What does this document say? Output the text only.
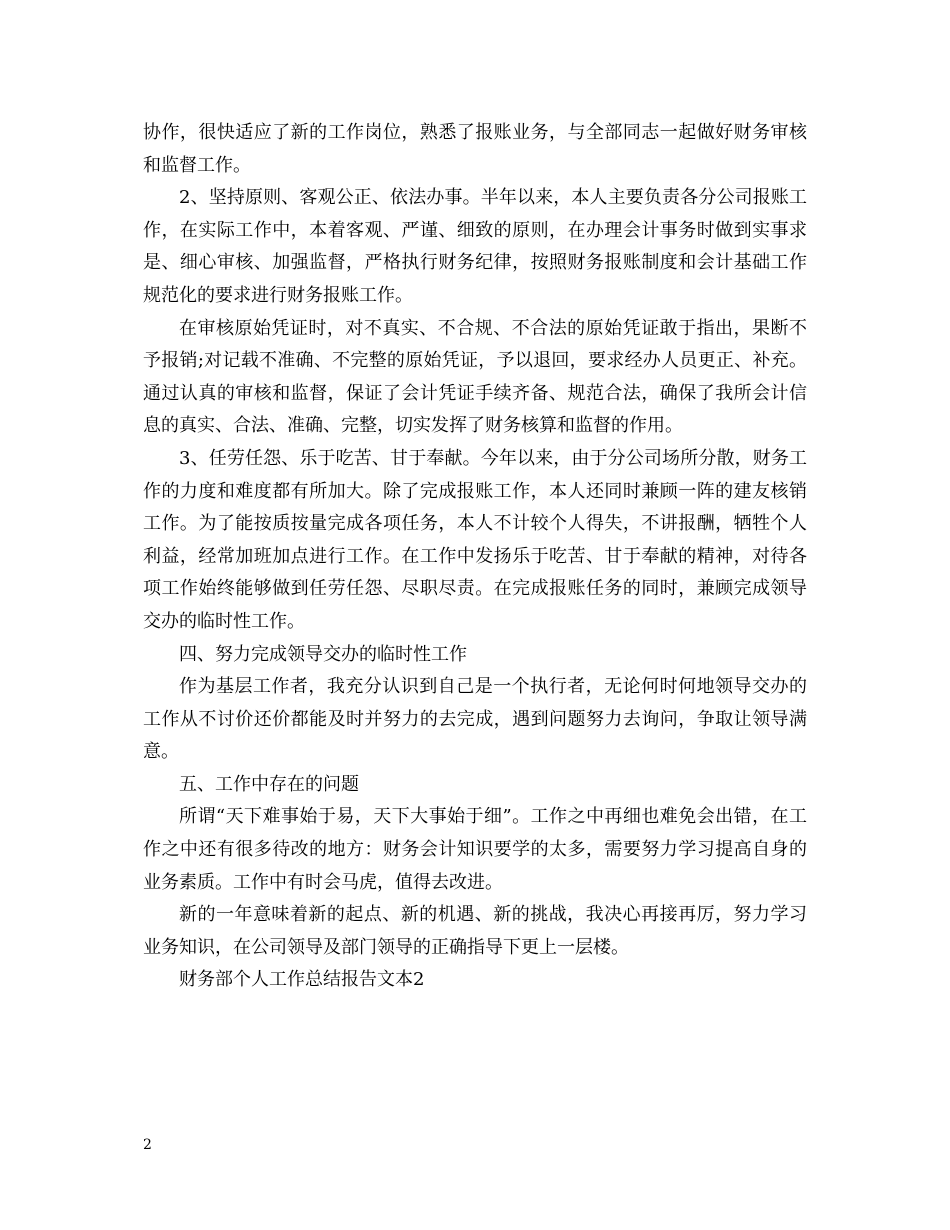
协作，很快适应了新的工作岗位，熟悉了报账业务，与全部同志一起做好财务审核和监督工作。

2、坚持原则、客观公正、依法办事。半年以来，本人主要负责各分公司报账工作，在实际工作中，本着客观、严谨、细致的原则，在办理会计事务时做到实事求是、细心审核、加强监督，严格执行财务纪律，按照财务报账制度和会计基础工作规范化的要求进行财务报账工作。

在审核原始凭证时，对不真实、不合规、不合法的原始凭证敢于指出，果断不予报销;对记载不准确、不完整的原始凭证，予以退回，要求经办人员更正、补充。通过认真的审核和监督，保证了会计凭证手续齐备、规范合法，确保了我所会计信息的真实、合法、准确、完整，切实发挥了财务核算和监督的作用。

3、任劳任怨、乐于吃苦、甘于奉献。今年以来，由于分公司场所分散，财务工作的力度和难度都有所加大。除了完成报账工作，本人还同时兼顾一阵的建友核销工作。为了能按质按量完成各项任务，本人不计较个人得失，不讲报酬，牺牲个人利益，经常加班加点进行工作。在工作中发扬乐于吃苦、甘于奉献的精神，对待各项工作始终能够做到任劳任怨、尽职尽责。在完成报账任务的同时，兼顾完成领导交办的临时性工作。

四、努力完成领导交办的临时性工作

作为基层工作者，我充分认识到自己是一个执行者，无论何时何地领导交办的工作从不讨价还价都能及时并努力的去完成，遇到问题努力去询问，争取让领导满意。

五、工作中存在的问题

所谓“天下难事始于易，天下大事始于细”。工作之中再细也难免会出错，在工作之中还有很多待改的地方：财务会计知识要学的太多，需要努力学习提高自身的业务素质。工作中有时会马虎，值得去改进。

新的一年意味着新的起点、新的机遇、新的挑战，我决心再接再厉，努力学习业务知识，在公司领导及部门领导的正确指导下更上一层楼。

财务部个人工作总结报告文本2

2
